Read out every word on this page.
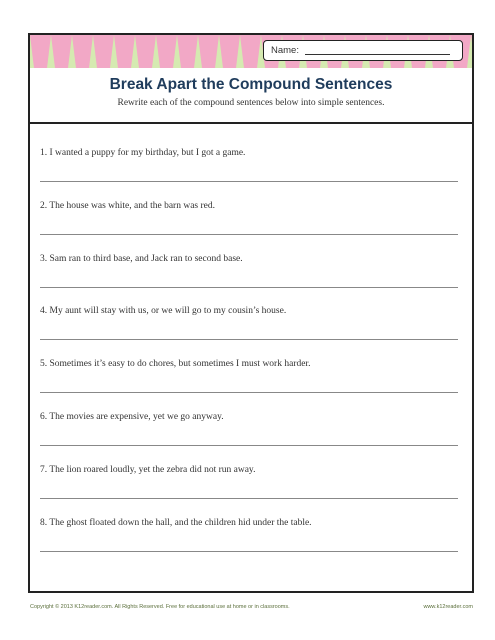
Name:
Break Apart the Compound Sentences
Rewrite each of the compound sentences below into simple sentences.
1. I wanted a puppy for my birthday, but I got a game.
2. The house was white, and the barn was red.
3. Sam ran to third base, and Jack ran to second base.
4. My aunt will stay with us, or we will go to my cousin’s house.
5. Sometimes it’s easy to do chores, but sometimes I must work harder.
6. The movies are expensive, yet we go anyway.
7. The lion roared loudly, yet the zebra did not run away.
8. The ghost floated down the hall, and the children hid under the table.
Copyright © 2013 K12reader.com. All Rights Reserved. Free for educational use at home or in classrooms.	www.k12reader.com
